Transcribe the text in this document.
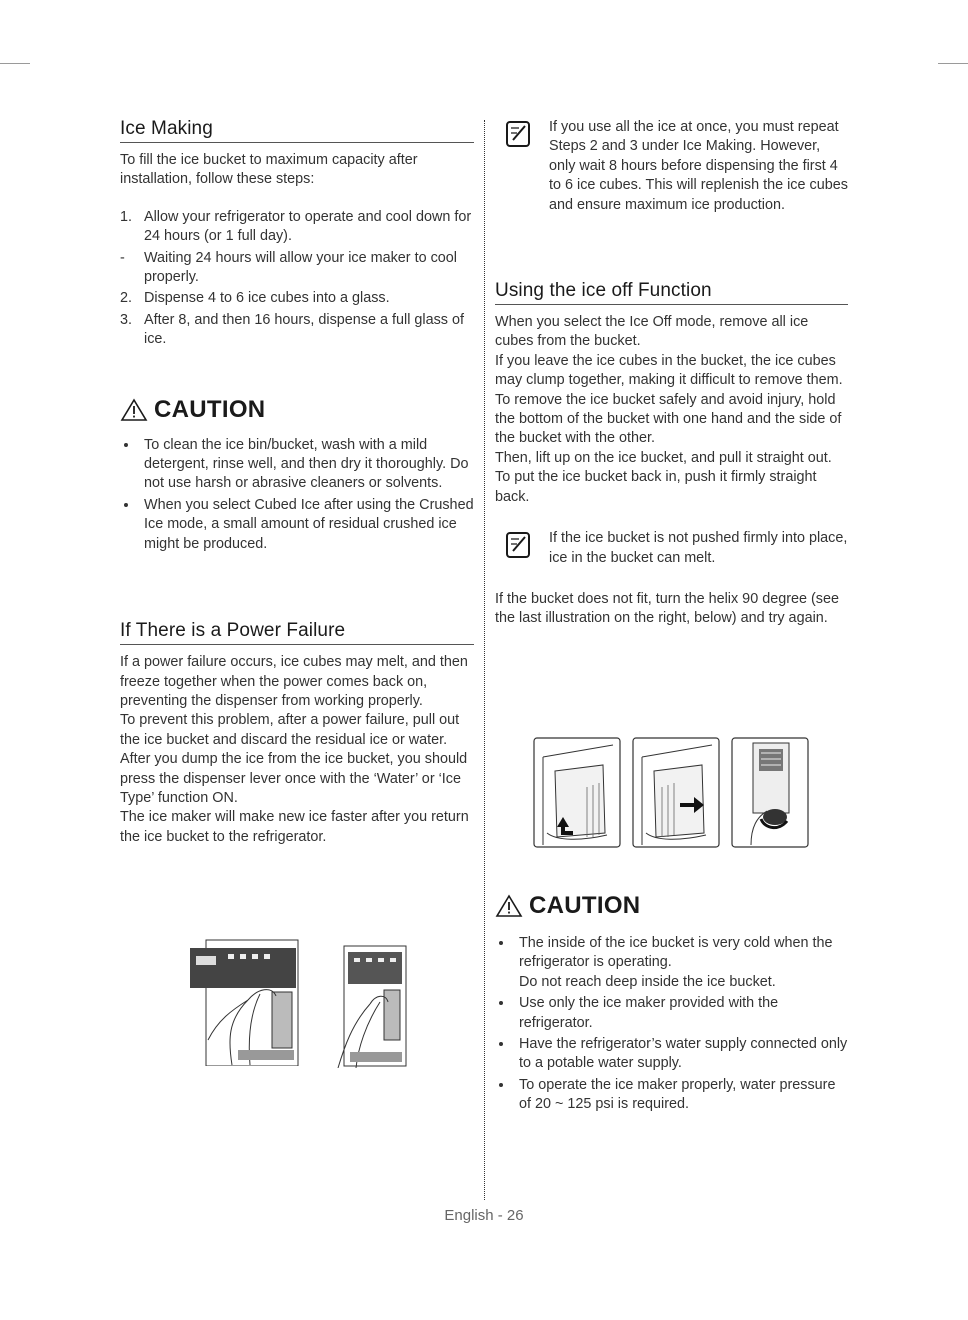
Ice Making

To fill the ice bucket to maximum capacity after installation, follow these steps:

1. Allow your refrigerator to operate and cool down for 24 hours (or 1 full day).
- Waiting 24 hours will allow your ice maker to cool properly.
2. Dispense 4 to 6 ice cubes into a glass.
3. After 8, and then 16 hours, dispense a full glass of ice.
CAUTION
To clean the ice bin/bucket, wash with a mild detergent, rinse well, and then dry it thoroughly. Do not use harsh or abrasive cleaners or solvents.
When you select Cubed Ice after using the Crushed Ice mode, a small amount of residual crushed ice might be produced.
If There is a Power Failure

If a power failure occurs, ice cubes may melt, and then freeze together when the power comes back on, preventing the dispenser from working properly.

To prevent this problem, after a power failure, pull out the ice bucket and discard the residual ice or water.

After you dump the ice from the ice bucket, you should press the dispenser lever once with the ‘Water’ or ‘Ice Type’ function ON.

The ice maker will make new ice faster after you return the ice bucket to the refrigerator.

If you use all the ice at once, you must repeat Steps 2 and 3 under Ice Making. However, only wait 8 hours before dispensing the first 4 to 6 ice cubes. This will replenish the ice cubes and ensure maximum ice production.

Using the ice off Function

When you select the Ice Off mode, remove all ice cubes from the bucket.

If you leave the ice cubes in the bucket, the ice cubes may clump together, making it difficult to remove them.

To remove the ice bucket safely and avoid injury, hold the bottom of the bucket with one hand and the side of the bucket with the other.

Then, lift up on the ice bucket, and pull it straight out.

To put the ice bucket back in, push it firmly straight back.

If the ice bucket is not pushed firmly into place, ice in the bucket can melt.

If the bucket does not fit, turn the helix 90 degree (see the last illustration on the right, below) and try again.

CAUTION
The inside of the ice bucket is very cold when the refrigerator is operating.
Do not reach deep inside the ice bucket.
Use only the ice maker provided with the refrigerator.
Have the refrigerator’s water supply connected only to a potable water supply.
To operate the ice maker properly, water pressure of 20 ~ 125 psi is required.
English - 26
